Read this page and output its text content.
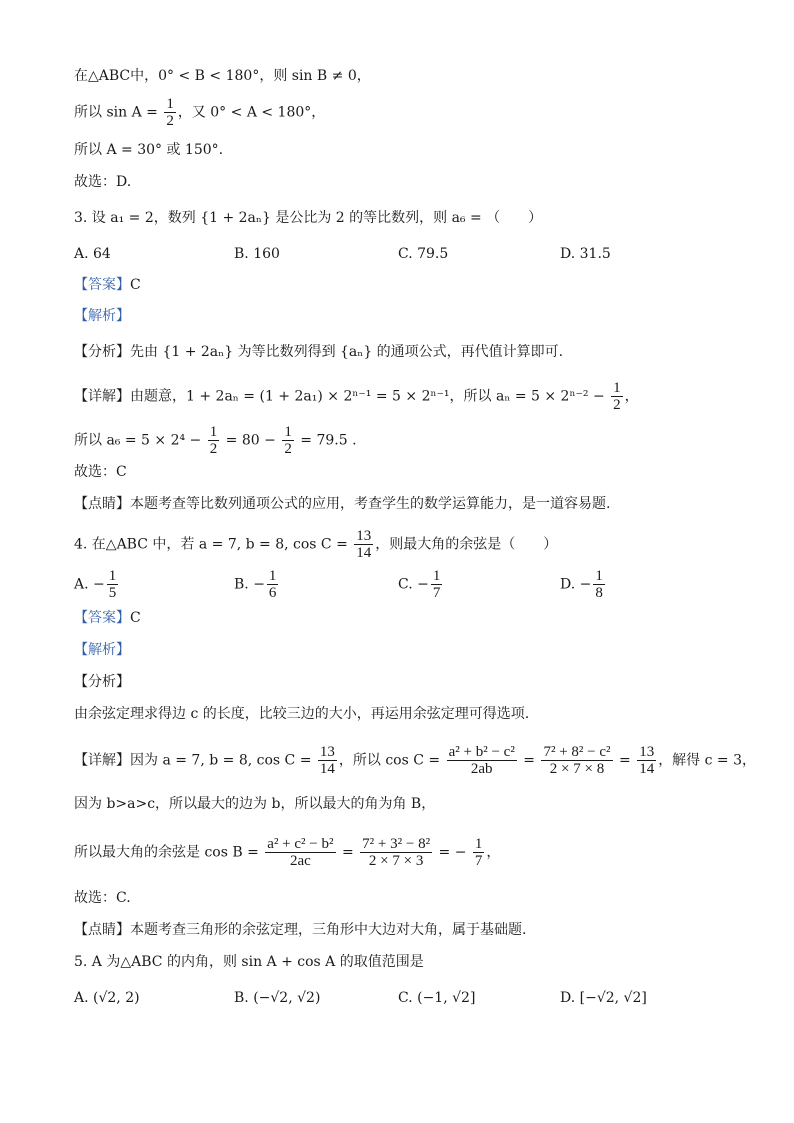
在△ABC中，0° < B < 180°，则 sin B ≠ 0，
所以 $\sin A = \frac{1}{2}$ ，又 0° < A < 180°，
所以 A = 30° 或 150°.
故选：D.
3. 设 a₁ = 2，数列 {1 + 2aₙ} 是公比为 2 的等比数列，则 a₆ = （　　）
A. 64	B. 160	C. 79.5	D. 31.5
【答案】C
【解析】
【分析】先由 {1 + 2aₙ} 为等比数列得到 {aₙ} 的通项公式，再代值计算即可.
【详解】由题意，1 + 2aₙ = (1 + 2a₁) × 2ⁿ⁻¹ = 5 × 2ⁿ⁻¹，所以 $a_n = 5 \times 2^{n-2} - \frac{1}{2}$ ，
所以 $a_6 = 5 \times 2^4 - \frac{1}{2} = 80 - \frac{1}{2} = 79.5$ .
故选：C
【点睛】本题考查等比数列通项公式的应用，考查学生的数学运算能力，是一道容易题.
4. 在△ABC 中，若 a = 7, b = 8, $\cos C = \frac{13}{14}$ ，则最大角的余弦是（　　）
A. − $\frac{1}{5}$	B. − $\frac{1}{6}$	C. − $\frac{1}{7}$	D. − $\frac{1}{8}$
【答案】C
【解析】
【分析】
由余弦定理求得边 c 的长度，比较三边的大小，再运用余弦定理可得选项.
【详解】因为 a = 7, b = 8, $\cos C = \frac{13}{14}$ ，所以 $\cos C = \frac{\text{a² + b² − c²}}{2ab} = \frac{\text{7² + 8² − c²}}{2 \times 7 \times 8} = \frac{13}{14}$ ，解得 c = 3，
因为 b>a>c，所以最大的边为 b，所以最大的角为角 B，
所以最大角的余弦是 $\cos B = \frac{\text{a² + c² − b²}}{2ac} = \frac{\text{7² + 3² − 8²}}{2 \times 7 \times 3}$ = − $\frac{1}{7}$ ，
故选：C.
【点睛】本题考查三角形的余弦定理，三角形中大边对大角，属于基础题.
5. A 为△ABC 的内角，则 sin A + cos A 的取值范围是
A. (√2, 2)	B. (−√2, √2)	C. (−1, √2]	D. [−√2, √2]
